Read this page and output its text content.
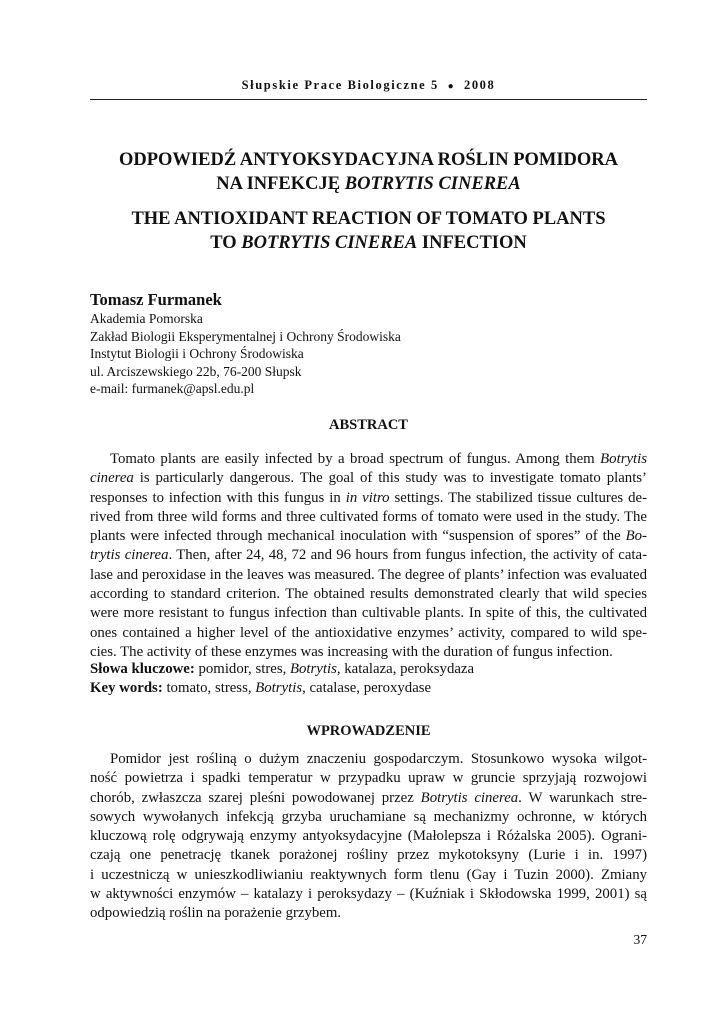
Słupskie Prace Biologiczne 5 ● 2008
ODPOWIEDŹ ANTYOKSYDACYJNA ROŚLIN POMIDORA
NA INFEKCJĘ BOTRYTIS CINEREA
THE ANTIOXIDANT REACTION OF TOMATO PLANTS
TO BOTRYTIS CINEREA INFECTION
Tomasz Furmanek
Akademia Pomorska
Zakład Biologii Eksperymentalnej i Ochrony Środowiska
Instytut Biologii i Ochrony Środowiska
ul. Arciszewskiego 22b, 76-200 Słupsk
e-mail: furmanek@apsl.edu.pl
ABSTRACT
Tomato plants are easily infected by a broad spectrum of fungus. Among them Botrytis
cinerea is particularly dangerous. The goal of this study was to investigate tomato plants’
responses to infection with this fungus in in vitro settings. The stabilized tissue cultures de-
rived from three wild forms and three cultivated forms of tomato were used in the study. The
plants were infected through mechanical inoculation with “suspension of spores” of the Bo-
trytis cinerea. Then, after 24, 48, 72 and 96 hours from fungus infection, the activity of cata-
lase and peroxidase in the leaves was measured. The degree of plants’ infection was evaluated
according to standard criterion. The obtained results demonstrated clearly that wild species
were more resistant to fungus infection than cultivable plants. In spite of this, the cultivated
ones contained a higher level of the antioxidative enzymes’ activity, compared to wild spe-
cies. The activity of these enzymes was increasing with the duration of fungus infection.
Słowa kluczowe: pomidor, stres, Botrytis, katalaza, peroksydaza
Key words: tomato, stress, Botrytis, catalase, peroxydase
WPROWADZENIE
Pomidor jest rośliną o dużym znaczeniu gospodarczym. Stosunkowo wysoka wilgot-
ność powietrza i spadki temperatur w przypadku upraw w gruncie sprzyjają rozwojowi
chorób, zwłaszcza szarej pleśni powodowanej przez Botrytis cinerea. W warunkach stre-
sowych wywołanych infekcją grzyba uruchamiane są mechanizmy ochronne, w których
kluczową rolę odgrywają enzymy antyoksydacyjne (Małolepsza i Różalska 2005). Ograni-
czają one penetrację tkanek porażonej rośliny przez mykotoksyny (Lurie i in. 1997)
i uczestniczą w unieszkodliwianiu reaktywnych form tlenu (Gay i Tuzin 2000). Zmiany
w aktywności enzymów – katalazy i peroksydazy – (Kuźniak i Skłodowska 1999, 2001) są
odpowiedzią roślin na porażenie grzybem.
37
